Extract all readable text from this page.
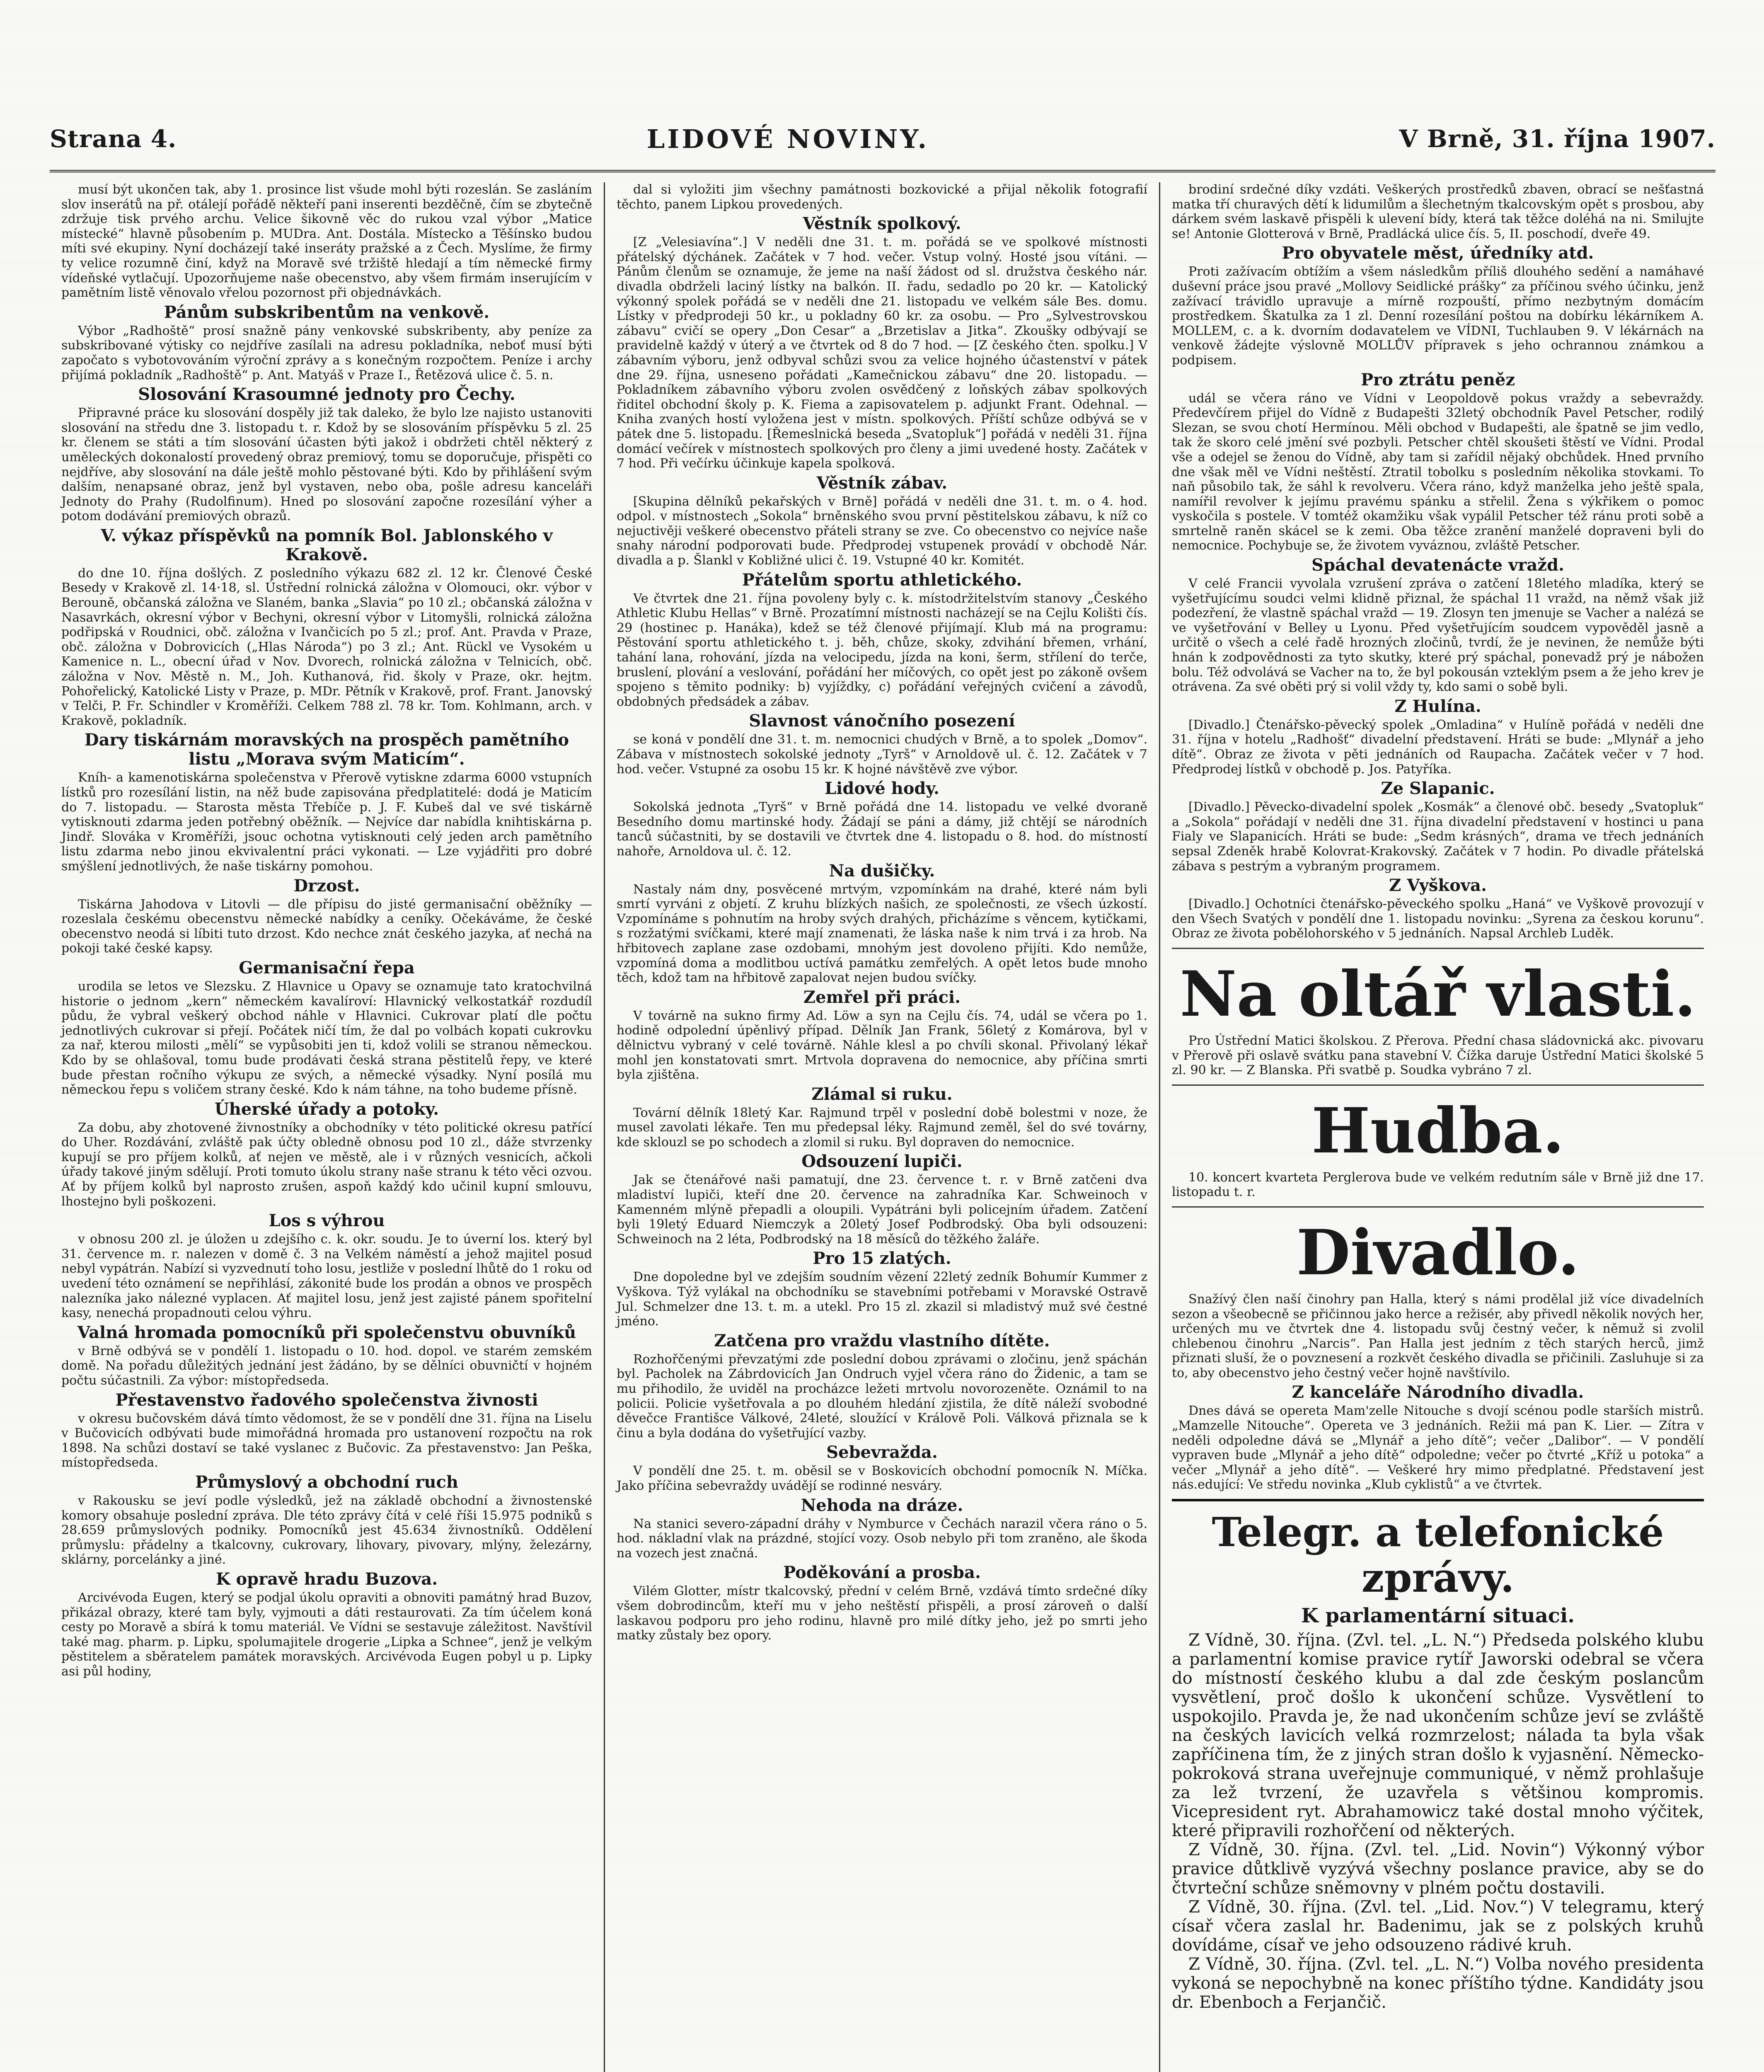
Strana 4.	LIDOVÉ NOVINY.	V Brně, 31. října 1907.

musí být ukončen tak, aby 1. prosince list všude mohl býti rozeslán. Se zasláním slov inserátů na př. otálejí pořádě někteří pani inserenti bezděčně, čím se zbytečně zdržuje tisk prvého archu. Velice šikovně věc do rukou vzal výbor „Matice místecké“ hlavně působením p. MUDra. Ant. Dostála. Místecko a Těšínsko budou míti své ekupiny. Nyní docházejí také inseráty pražské a z Čech. Myslíme, že firmy ty velice rozumně činí, když na Moravě své tržiště hledají a tím německé firmy vídeňské vytlačují. Upozorňujeme naše obecenstvo, aby všem firmám inserujícím v pamětním listě věnovalo vřelou pozornost při objednávkách.

Pánům subskribentům na venkově.

Výbor „Radhoště“ prosí snažně pány venkovské subskribenty, aby peníze za subskribované výtisky co nejdříve zasílali na adresu pokladníka, neboť musí býti započato s vybotovováním výroční zprávy a s konečným rozpočtem. Peníze i archy přijímá pokladník „Radhoště“ p. Ant. Matyáš v Praze I., Řetězová ulice č. 5. n.

Slosování Krasoumné jednoty pro Čechy.

Připravné práce ku slosování dospěly již tak daleko, že bylo lze najisto ustanoviti slosování na středu dne 3. listopadu t. r. Kdož by se slosováním příspěvku 5 zl. 25 kr. členem se státi a tím slosování účasten býti jakož i obdržeti chtěl některý z uměleckých dokonalostí provedený obraz premiový, tomu se doporučuje, přispěti co nejdříve, aby slosování na dále ještě mohlo pěstované býti. Kdo by přihlášení svým dalším, nenapsané obraz, jenž byl vystaven, nebo oba, pošle adresu kanceláři Jednoty do Prahy (Rudolfinum). Hned po slosování započne rozesílání výher a potom dodávání premiových obrazů.

V. výkaz příspěvků na pomník Bol. Jablonského v Krakově.

do dne 10. října došlých. Z posledního výkazu 682 zl. 12 kr. Členové České Besedy v Krakově zl. 14·18, sl. Ústřední rolnická záložna v Olomouci, okr. výbor v Berouně, občanská záložna ve Slaném, banka „Slavia“ po 10 zl.; občanská záložna v Nasavrkách, okresní výbor v Bechyni, okresní výbor v Litomyšli, rolnická záložna podřipská v Roudnici, obč. záložna v Ivančicích po 5 zl.; prof. Ant. Pravda v Praze, obč. záložna v Dobrovicích („Hlas Národa“) po 3 zl.; Ant. Rückl ve Vysokém u Kamenice n. L., obecní úřad v Nov. Dvorech, rolnická záložna v Telnicích, obč. záložna v Nov. Městě n. M., Joh. Kuthanová, řid. školy v Praze, okr. hejtm. Pohořelický, Katolické Listy v Praze, p. MDr. Pětník v Krakově, prof. Frant. Janovský v Telči, P. Fr. Schindler v Kroměříži. Celkem 788 zl. 78 kr. Tom. Kohlmann, arch. v Krakově, pokladník.

Dary tiskárnám moravských na prospěch pamětního listu „Morava svým Maticím“.

Kníh- a kamenotiskárna společenstva v Přerově vytiskne zdarma 6000 vstupních lístků pro rozesílání listin, na něž bude zapisována předplatitelé: dodá je Maticím do 7. listopadu. — Starosta města Třebíče p. J. F. Kubeš dal ve své tiskárně vytisknouti zdarma jeden potřebný oběžník. — Nejvíce dar nabídla knihtiskárna p. Jindř. Slováka v Kroměříži, jsouc ochotna vytisknouti celý jeden arch pamětního listu zdarma nebo jinou ekvivalentní práci vykonati. — Lze vyjádřiti pro dobré smýšlení jednotlivých, že naše tiskárny pomohou.

Drzost.

Tiskárna Jahodova v Litovli — dle přípisu do jisté germanisační oběžníky — rozeslala českému obecenstvu německé nabídky a ceníky. Očekáváme, že české obecenstvo neodá si líbiti tuto drzost. Kdo nechce znát českého jazyka, ať nechá na pokoji také české kapsy.

Germanisační řepa

urodila se letos ve Slezsku. Z Hlavnice u Opavy se oznamuje tato kratochvilná historie o jednom „kern“ německém kavalíroví: Hlavnický velkostatkář rozdudíl půdu, že vybral veškerý obchod náhle v Hlavnici. Cukrovar platí dle počtu jednotlivých cukrovar si přejí. Počátek ničí tím, že dal po volbách kopati cukrovku za nař, kterou milosti „mělí“ se vypůsobiti jen ti, kdož volili se stranou německou. Kdo by se ohlašoval, tomu bude prodávati česká strana pěstitelů řepy, ve které bude přestan ročního výkupu ze svých, a německé výsadky. Nyní posílá mu německou řepu s voličem strany české. Kdo k nám táhne, na toho budeme přísně.

Úherské úřady a potoky.

Za dobu, aby zhotovené živnostníky a obchodníky v této politické okresu patřící do Uher. Rozdávání, zvláště pak účty obledně obnosu pod 10 zl., dáže stvrzenky kupují se pro příjem kolků, ať nejen ve městě, ale i v různých vesnicích, ačkoli úřady takové jiným sdělují. Proti tomuto úkolu strany naše stranu k této věci ozvou. Ať by příjem kolků byl naprosto zrušen, aspoň každý kdo učinil kupní smlouvu, lhostejno byli poškozeni.

Los s výhrou

v obnosu 200 zl. je úložen u zdejšího c. k. okr. soudu. Je to úverní los. který byl 31. července m. r. nalezen v domě č. 3 na Velkém náměstí a jehož majitel posud nebyl vypátrán. Nabízí si vyzvednutí toho losu, jestliže v poslední lhůtě do 1 roku od uvedení této oznámení se nepřihlásí, zákonité bude los prodán a obnos ve prospěch nalezníka jako nálezné vyplacen. Ať majitel losu, jenž jest zajisté pánem spořitelní kasy, nenechá propadnouti celou výhru.

Valná hromada pomocníků při společenstvu obuvníků

v Brně odbývá se v pondělí 1. listopadu o 10. hod. dopol. ve starém zemském domě. Na pořadu důležitých jednání jest žádáno, by se dělníci obuvničtí v hojném počtu súčastnili. Za výbor: místopředseda.

Přestavenstvo řadového společenstva živnosti

v okresu bučovském dává tímto vědomost, že se v pondělí dne 31. října na Liselu v Bučovicích odbývati bude mimořádná hromada pro ustanovení rozpočtu na rok 1898. Na schůzi dostaví se také vyslanec z Bučovic. Za přestavenstvo: Jan Peška, místopředseda.

Průmyslový a obchodní ruch

v Rakousku se jeví podle výsledků, jež na základě obchodní a živnostenské komory obsahuje poslední zpráva. Dle této zprávy čítá v celé říši 15.975 podniků s 28.659 průmyslových podniky. Pomocníků jest 45.634 živnostníků. Oddělení průmyslu: přádelny a tkalcovny, cukrovary, lihovary, pivovary, mlýny, železárny, sklárny, porcelánky a jiné.

K opravě hradu Buzova.

Arcivévoda Eugen, který se podjal úkolu opraviti a obnoviti památný hrad Buzov, přikázal obrazy, které tam byly, vyjmouti a dáti restaurovati. Za tím účelem koná cesty po Moravě a sbírá k tomu materiál. Ve Vídni se sestavuje záležitost. Navštívil také mag. pharm. p. Lipku, spolumajitele drogerie „Lipka a Schnee“, jenž je velkým pěstitelem a sběratelem památek moravských. Arcivévoda Eugen pobyl u p. Lipky asi půl hodiny,

dal si vyložiti jim všechny památnosti bozkovické a přijal několik fotografií těchto, panem Lipkou provedených.

Věstník spolkový.

[Z „Velesiavína“.] V neděli dne 31. t. m. pořádá se ve spolkové místnosti přátelský dýchánek. Začátek v 7 hod. večer. Vstup volný. Hosté jsou vítáni. — Pánům členům se oznamuje, že jeme na naší žádost od sl. družstva českého nár. divadla obdrželi laciný lístky na balkón. II. řadu, sedadlo po 20 kr. — Katolický výkonný spolek pořádá se v neděli dne 21. listopadu ve velkém sále Bes. domu. Lístky v předprodeji 50 kr., u pokladny 60 kr. za osobu. — Pro „Sylvestrovskou zábavu“ cvičí se opery „Don Cesar“ a „Brzetislav a Jitka“. Zkoušky odbývají se pravidelně každý v úterý a ve čtvrtek od 8 do 7 hod. — [Z českého čten. spolku.] V zábavním výboru, jenž odbyval schůzi svou za velice hojného účastenství v pátek dne 29. října, usneseno pořádati „Kamečnickou zábavu“ dne 20. listopadu. — Pokladníkem zábavního výboru zvolen osvědčený z loňských zábav spolkových řiditel obchodní školy p. K. Fiema a zapisovatelem p. adjunkt Frant. Odehnal. — Kniha zvaných hostí vyložena jest v místn. spolkových. Příští schůze odbývá se v pátek dne 5. listopadu. [Řemeslnická beseda „Svatopluk“] pořádá v neděli 31. října domácí večírek v místnostech spolkových pro členy a jimi uvedené hosty. Začátek v 7 hod. Při večírku účinkuje kapela spolková.

Věstník zábav.

[Skupina dělníků pekařských v Brně] pořádá v neděli dne 31. t. m. o 4. hod. odpol. v místnostech „Sokola“ brněnského svou první pěstitelskou zábavu, k níž co nejuctivěji veškeré obecenstvo přáteli strany se zve. Co obecenstvo co nejvíce naše snahy národní podporovati bude. Předprodej vstupenek provádí v obchodě Nár. divadla a p. Šlankl v Kobližné ulici č. 19. Vstupné 40 kr. Komitét.

Přátelům sportu athletického.

Ve čtvrtek dne 21. října povoleny byly c. k. místodržitelstvím stanovy „Českého Athletic Klubu Hellas“ v Brně. Prozatímní místnosti nacházejí se na Cejlu Kolišti čís. 29 (hostinec p. Hanáka), kdež se též členové přijímají. Klub má na programu: Pěstování sportu athletického t. j. běh, chůze, skoky, zdvihání břemen, vrhání, tahání lana, rohování, jízda na velocipedu, jízda na koni, šerm, střílení do terče, bruslení, plování a veslování, pořádání her míčových, co opět jest po zákoně ovšem spojeno s těmito podniky: b) vyjíždky, c) pořádání veřejných cvičení a závodů, obdobných předsádek a zábav.

Slavnost vánočního posezení

se koná v pondělí dne 31. t. m. nemocnici chudých v Brně, a to spolek „Domov“. Zábava v místnostech sokolské jednoty „Tyrš“ v Arnoldově ul. č. 12. Začátek v 7 hod. večer. Vstupné za osobu 15 kr. K hojné návštěvě zve výbor.

Lidové hody.

Sokolská jednota „Tyrš“ v Brně pořádá dne 14. listopadu ve velké dvoraně Besedního domu martinské hody. Žádají se páni a dámy, již chtějí se národních tanců súčastniti, by se dostavili ve čtvrtek dne 4. listopadu o 8. hod. do místností nahoře, Arnoldova ul. č. 12.

Na dušičky.

Nastaly nám dny, posvěcené mrtvým, vzpomínkám na drahé, které nám byli smrtí vyrváni z objetí. Z kruhu blízkých našich, ze společnosti, ze všech úzkostí. Vzpomínáme s pohnutím na hroby svých drahých, přicházíme s věncem, kytičkami, s rozžatými svíčkami, které mají znamenati, že láska naše k nim trvá i za hrob. Na hřbitovech zaplane zase ozdobami, mnohým jest dovoleno přijíti. Kdo nemůže, vzpomíná doma a modlitbou uctívá památku zemřelých. A opět letos bude mnoho těch, kdož tam na hřbitově zapalovat nejen budou svíčky.

Zemřel při práci.

V továrně na sukno firmy Ad. Löw a syn na Cejlu čís. 74, udál se včera po 1. hodině odpolední úpěnlivý případ. Dělník Jan Frank, 56letý z Komárova, byl v dělnictvu vybraný v celé továrně. Náhle klesl a po chvíli skonal. Přivolaný lékař mohl jen konstatovati smrt. Mrtvola dopravena do nemocnice, aby příčina smrti byla zjištěna.

Zlámal si ruku.

Tovární dělník 18letý Kar. Rajmund trpěl v poslední době bolestmi v noze, že musel zavolati lékaře. Ten mu předepsal léky. Rajmund zeměl, šel do své továrny, kde sklouzl se po schodech a zlomil si ruku. Byl dopraven do nemocnice.

Odsouzení lupiči.

Jak se čtenářové naši pamatují, dne 23. července t. r. v Brně zatčeni dva mladiství lupiči, kteří dne 20. července na zahradníka Kar. Schweinoch v Kamenném mlýně přepadli a oloupili. Vypátráni byli policejním úřadem. Zatčení byli 19letý Eduard Niemczyk a 20letý Josef Podbrodský. Oba byli odsouzeni: Schweinoch na 2 léta, Podbrodský na 18 měsíců do těžkého žaláře.

Pro 15 zlatých.

Dne dopoledne byl ve zdejším soudním vězení 22letý zedník Bohumír Kummer z Vyškova. Týž vylákal na obchodníku se stavebními potřebami v Moravské Ostravě Jul. Schmelzer dne 13. t. m. a utekl. Pro 15 zl. zkazil si mladistvý muž své čestné jméno.

Zatčena pro vraždu vlastního dítěte.

Rozhořčenými převzatými zde poslední dobou zprávami o zločinu, jenž spáchán byl. Pacholek na Zábrdovicích Jan Ondruch vyjel včera ráno do Židenic, a tam se mu přihodilo, že uviděl na procházce ležeti mrtvolu novorozeněte. Oznámil to na policii. Policie vyšetřovala a po dlouhém hledání zjistila, že dítě náleží svobodné děvečce Františce Válkové, 24leté, sloužící v Králově Poli. Válková přiznala se k činu a byla dodána do vyšetřující vazby.

Sebevražda.

V pondělí dne 25. t. m. oběsil se v Boskovicích obchodní pomocník N. Míčka. Jako příčina sebevraždy uvádějí se rodinné nesváry.

Nehoda na dráze.

Na stanici severo-západní dráhy v Nymburce v Čechách narazil včera ráno o 5. hod. nákladní vlak na prázdné, stojící vozy. Osob nebylo při tom zraněno, ale škoda na vozech jest značná.

Poděkování a prosba.

Vilém Glotter, místr tkalcovský, přední v celém Brně, vzdává tímto srdečné díky všem dobrodincům, kteří mu v jeho neštěstí přispěli, a prosí zároveň o další laskavou podporu pro jeho rodinu, hlavně pro milé dítky jeho, jež po smrti jeho matky zůstaly bez opory.

brodiní srdečné díky vzdáti. Veškerých prostředků zbaven, obrací se nešťastná matka tří churavých dětí k lidumilům a šlechetným tkalcovským opět s prosbou, aby dárkem svém laskavě přispěli k ulevení bídy, která tak těžce doléhá na ni. Smilujte se! Antonie Glotterová v Brně, Pradlácká ulice čís. 5, II. poschodí, dveře 49.

Pro obyvatele měst, úředníky atd.

Proti zažívacím obtížím a všem následkům příliš dlouhého sedění a namáhavé duševní práce jsou pravé „Mollovy Seidlické prášky“ za příčinou svého účinku, jenž zažívací trávidlo upravuje a mírně rozpouští, přímo nezbytným domácím prostředkem. Škatulka za 1 zl. Denní rozesílání poštou na dobírku lékárníkem A. MOLLEM, c. a k. dvorním dodavatelem ve VÍDNI, Tuchlauben 9. V lékárnách na venkově žádejte výslovně MOLLŮV přípravek s jeho ochrannou známkou a podpisem.

Pro ztrátu peněz

udál se včera ráno ve Vídni v Leopoldově pokus vraždy a sebevraždy. Předevčírem přijel do Vídně z Budapešti 32letý obchodník Pavel Petscher, rodilý Slezan, se svou chotí Hermínou. Měli obchod v Budapešti, ale špatně se jim vedlo, tak že skoro celé jmění své pozbyli. Petscher chtěl skoušeti štěstí ve Vídni. Prodal vše a odejel se ženou do Vídně, aby tam si zařídil nějaký obchůdek. Hned prvního dne však měl ve Vídni neštěstí. Ztratil tobolku s posledním několika stovkami. To naň působilo tak, že sáhl k revolveru. Včera ráno, když manželka jeho ještě spala, namířil revolver k jejímu pravému spánku a střelil. Žena s výkřikem o pomoc vyskočila s postele. V tomtéž okamžiku však vypálil Petscher též ránu proti sobě a smrtelně raněn skácel se k zemi. Oba těžce zranění manželé dopraveni byli do nemocnice. Pochybuje se, že životem vyváznou, zvláště Petscher.

Spáchal devatenácte vražd.

V celé Francii vyvolala vzrušení zpráva o zatčení 18letého mladíka, který se vyšetřujícímu soudci velmi klidně přiznal, že spáchal 11 vražd, na němž však již podezření, že vlastně spáchal vražd — 19. Zlosyn ten jmenuje se Vacher a nalézá se ve vyšetřování v Belley u Lyonu. Před vyšetřujícím soudcem vypověděl jasně a určitě o všech a celé řadě hrozných zločinů, tvrdí, že je nevinen, že nemůže býti hnán k zodpovědnosti za tyto skutky, které prý spáchal, ponevadž prý je nábožen bolu. Též odvolává se Vacher na to, že byl pokousán vzteklým psem a že jeho krev je otrávena. Za své oběti prý si volil vždy ty, kdo sami o sobě byli.

Z Hulína.

[Divadlo.] Čtenářsko-pěvecký spolek „Omladina“ v Hulíně pořádá v neděli dne 31. října v hotelu „Radhošť“ divadelní představení. Hráti se bude: „Mlynář a jeho dítě“. Obraz ze života v pěti jednáních od Raupacha. Začátek večer v 7 hod. Předprodej lístků v obchodě p. Jos. Patyříka.

Ze Slapanic.

[Divadlo.] Pěvecko-divadelní spolek „Kosmák“ a členové obč. besedy „Svatopluk“ a „Sokola“ pořádají v neděli dne 31. října divadelní představení v hostinci u pana Fialy ve Slapanicích. Hráti se bude: „Sedm krásných“, drama ve třech jednáních sepsal Zdeněk hrabě Kolovrat-Krakovský. Začátek v 7 hodin. Po divadle přátelská zábava s pestrým a vybraným programem.

Z Vyškova.

[Divadlo.] Ochotníci čtenářsko-pěveckého spolku „Haná“ ve Vyškově provozují v den Všech Svatých v pondělí dne 1. listopadu novinku: „Syrena za českou korunu“. Obraz ze života pobělohorského v 5 jednáních. Napsal Archleb Luděk.

Na oltář vlasti.

Pro Ústřední Matici školskou. Z Přerova. Přední chasa sládovnická akc. pivovaru v Přerově při oslavě svátku pana stavební V. Čížka daruje Ústřední Matici školské 5 zl. 90 kr. — Z Blanska. Při svatbě p. Soudka vybráno 7 zl.

Hudba.

10. koncert kvarteta Perglerova bude ve velkém redutním sále v Brně již dne 17. listopadu t. r.

Divadlo.

Snažívý člen naší činohry pan Halla, který s námi prodělal již více divadelních sezon a všeobecně se přičinnou jako herce a režisér, aby přivedl několik nových her, určených mu ve čtvrtek dne 4. listopadu svůj čestný večer, k němuž si zvolil chlebenou činohru „Narcis“. Pan Halla jest jedním z těch starých herců, jimž přiznati sluší, že o povznesení a rozkvět českého divadla se přičinili. Zasluhuje si za to, aby obecenstvo jeho čestný večer hojně navštívilo.

Z kanceláře Národního divadla.

Dnes dává se opereta Mam'zelle Nitouche s dvojí scénou podle starších mistrů. „Mamzelle Nitouche“. Opereta ve 3 jednáních. Režii má pan K. Lier. — Zítra v neděli odpoledne dává se „Mlynář a jeho dítě“; večer „Dalibor“. — V pondělí vypraven bude „Mlynář a jeho dítě“ odpoledne; večer po čtvrté „Kříž u potoka“ a večer „Mlynář a jeho dítě“. — Veškeré hry mimo předplatné. Představení jest nás.edující: Ve středu novinka „Klub cyklistů“ a ve čtvrtek.

Telegr. a telefonické zprávy.
K parlamentární situaci.

Z Vídně, 30. října. (Zvl. tel. „L. N.“) Předseda polského klubu a parlamentní komise pravice rytíř Jaworski odebral se včera do místností českého klubu a dal zde českým poslancům vysvětlení, proč došlo k ukončení schůze. Vysvětlení to uspokojilo. Pravda je, že nad ukončením schůze jeví se zvláště na českých lavicích velká rozmrzelost; nálada ta byla však zapříčinena tím, že z jiných stran došlo k vyjasnění. Německo-pokroková strana uveřejnuje communiqué, v němž prohlašuje za lež tvrzení, že uzavřela s většinou kompromis. Vicepresident ryt. Abrahamowicz také dostal mnoho výčitek, které připravili rozhořčení od některých.

Z Vídně, 30. října. (Zvl. tel. „Lid. Novin“) Výkonný výbor pravice důtklivě vyzývá všechny poslance pravice, aby se do čtvrteční schůze sněmovny v plném počtu dostavili.

Z Vídně, 30. října. (Zvl. tel. „Lid. Nov.“) V telegramu, který císař včera zaslal hr. Badenimu, jak se z polských kruhů dovídáme, císař ve jeho odsouzeno rádivé kruh.

Z Vídně, 30. října. (Zvl. tel. „L. N.“) Volba nového presidenta vykoná se nepochybně na konec příštího týdne. Kandidáty jsou dr. Ebenboch a Ferjančič.
